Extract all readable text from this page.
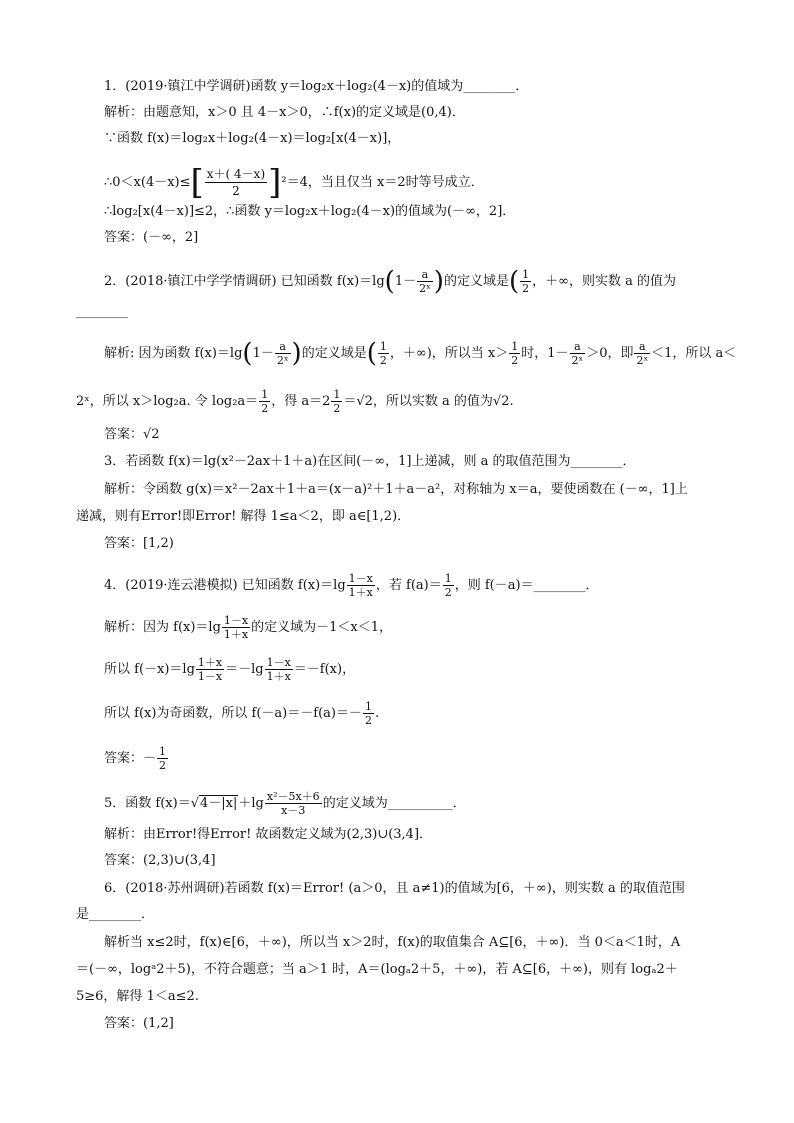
1．(2019·镇江中学调研)函数 y＝log₂x＋log₂(4－x)的值域为________．
解析：由题意知，x＞0 且 4－x＞0，∴f(x)的定义域是(0,4)．
∵函数 f(x)＝log₂x＋log₂(4－x)＝log₂[x(4－x)]，
∴0＜x(4－x)≤[ $\frac{x+( 4-x)}{2} ]^2=4$，当且仅当 x＝2时等号成立．
∴log₂[x(4－x)]≤2，∴函数 y＝log₂x＋log₂(4－x)的值域为(－∞，2]．
答案：(－∞，2]
2．(2018·镇江中学学情调研) 已知函数 $f(x)=\lg(1- \frac{a}{\text{2ˣ}}$ )的定义域是( $\frac{1}{2}$ ，＋∞，则实数 a 的值为
________
解析: 因为函数 $f(x)=\lg(1- \frac{a}{\text{2ˣ}}$ )的定义域是( $\frac{1}{2}$ ，＋∞)，所以当 $x> \frac{1}{2}$ 时，$1- \frac{a}{\text{2ˣ}} >0$，即 $\frac{a}{\text{2ˣ}} <1$，所以 a＜
2ˣ，所以 x＞log₂a. 令 $\log_2a= \frac{1}{2}$ ，得 $a=2 \frac{1}{2} =√2$，所以实数 a 的值为√2.
答案：√2
3．若函数 f(x)＝lg(x²－2ax＋1＋a)在区间(－∞，1]上递减，则 a 的取值范围为________．
解析：令函数 g(x)＝x²－2ax＋1＋a＝(x－a)²＋1＋a－a²，对称轴为 x＝a，要使函数在 (－∞，1]上
递减，则有Error!即Error! 解得 1≤a＜2，即 a∈[1,2)．
答案：[1,2)
4．(2019·连云港模拟) 已知函数 $f(x)=\lg \frac{1-x}{1+x}$ ，若 $f(a)= \frac{1}{2}$ ，则 f(－a)＝________．
解析：因为 $f(x)=\lg \frac{1-x}{1+x}$ 的定义域为－1＜x＜1，
所以 $f(-x)=\lg \frac{1+x}{1-x} =-\lg \frac{1-x}{1+x} =-f(x)$，
所以 f(x)为奇函数，所以 $f(-a)=-f(a)=- \frac{1}{2}$ .
答案：－ $\frac{1}{2}$
5．函数 $f(x)=√4-|x|+\lg \frac{\text{x²－5x＋6}}{x-3}$ 的定义域为__________．
解析：由Error!得Error! 故函数定义域为(2,3)∪(3,4]．
答案：(2,3)∪(3,4]
6．(2018·苏州调研)若函数 f(x)＝Error! (a＞0，且 a≠1)的值域为[6，＋∞)，则实数 a 的取值范围
是________．
解析当 x≤2时，f(x)∈[6，＋∞)，所以当 x＞2时，f(x)的取值集合 A⊆[6，＋∞)．当 0＜a＜1时，A
＝(－∞，logᵃ2＋5)，不符合题意；当 a＞1 时，A＝(logₐ2＋5，＋∞)，若 A⊆[6，＋∞)，则有 logₐ2＋
5≥6，解得 1＜a≤2.
答案：(1,2]
